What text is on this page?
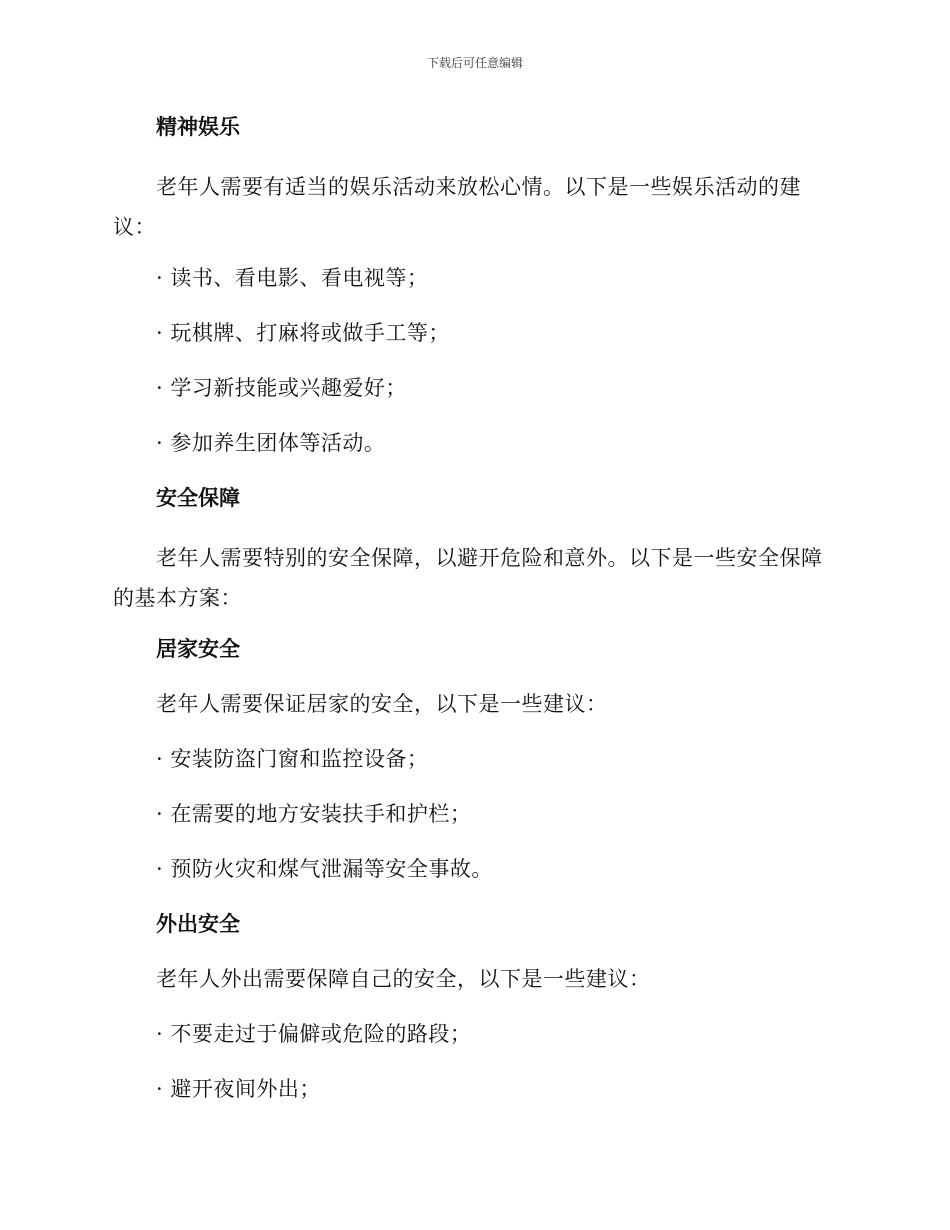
下载后可任意编辑
精神娱乐
老年人需要有适当的娱乐活动来放松心情。以下是一些娱乐活动的建议：
· 读书、看电影、看电视等；
· 玩棋牌、打麻将或做手工等；
· 学习新技能或兴趣爱好；
· 参加养生团体等活动。
安全保障
老年人需要特别的安全保障，以避开危险和意外。以下是一些安全保障的基本方案：
居家安全
老年人需要保证居家的安全，以下是一些建议：
· 安装防盗门窗和监控设备；
· 在需要的地方安装扶手和护栏；
· 预防火灾和煤气泄漏等安全事故。
外出安全
老年人外出需要保障自己的安全，以下是一些建议：
· 不要走过于偏僻或危险的路段；
· 避开夜间外出；
